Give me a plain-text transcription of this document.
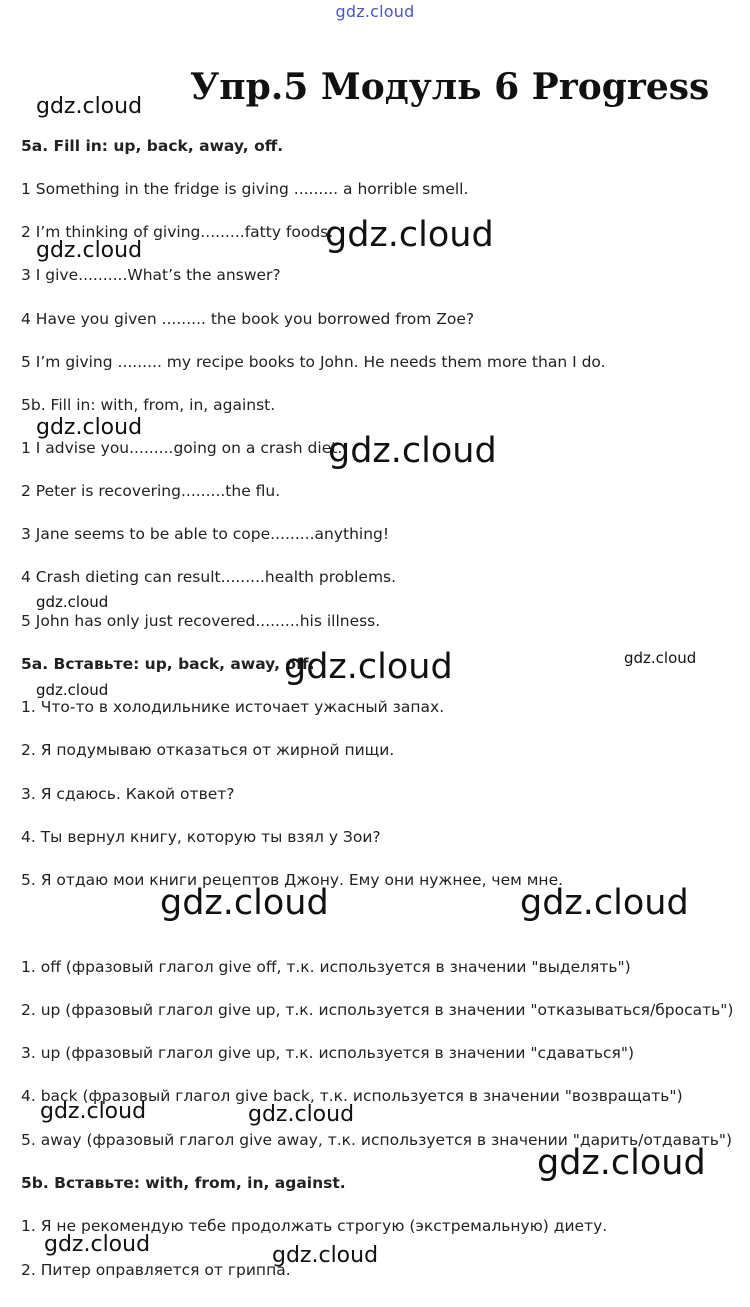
gdz.cloud
Упр.5 Модуль 6 Progress
5a. Fill in: up, back, away, off.
1 Something in the fridge is giving ......... a horrible smell.
2 I’m thinking of giving.........fatty foods.
3 I give..........What’s the answer?
4 Have you given ......... the book you borrowed from Zoe?
5 I’m giving ......... my recipe books to John. He needs them more than I do.
5b. Fill in: with, from, in, against.
1 I advise you.........going on a crash diet.
2 Peter is recovering.........the flu.
3 Jane seems to be able to cope.........anything!
4 Crash dieting can result.........health problems.
5 John has only just recovered.........his illness.
5a. Вставьте: up, back, away, off.
1. Что-то в холодильнике источает ужасный запах.
2. Я подумываю отказаться от жирной пищи.
3. Я сдаюсь. Какой ответ?
4. Ты вернул книгу, которую ты взял у Зои?
5. Я отдаю мои книги рецептов Джону. Ему они нужнее, чем мне.
1. off (фразовый глагол give off, т.к. используется в значении "выделять")
2. up (фразовый глагол give up, т.к. используется в значении "отказываться/бросать")
3. up (фразовый глагол give up, т.к. используется в значении "сдаваться")
4. back (фразовый глагол give back, т.к. используется в значении "возвращать")
5. away (фразовый глагол give away, т.к. используется в значении "дарить/отдавать")
5b. Вставьте: with, from, in, against.
1. Я не рекомендую тебе продолжать строгую (экстремальную) диету.
2. Питер оправляется от гриппа.
gdz.cloud
gdz.cloud
gdz.cloud
gdz.cloud
gdz.cloud
gdz.cloud
gdz.cloud	gdz.cloud
gdz.cloud
gdz.cloud	gdz.cloud
gdz.cloud	gdz.cloud
gdz.cloud
gdz.cloud	gdz.cloud
